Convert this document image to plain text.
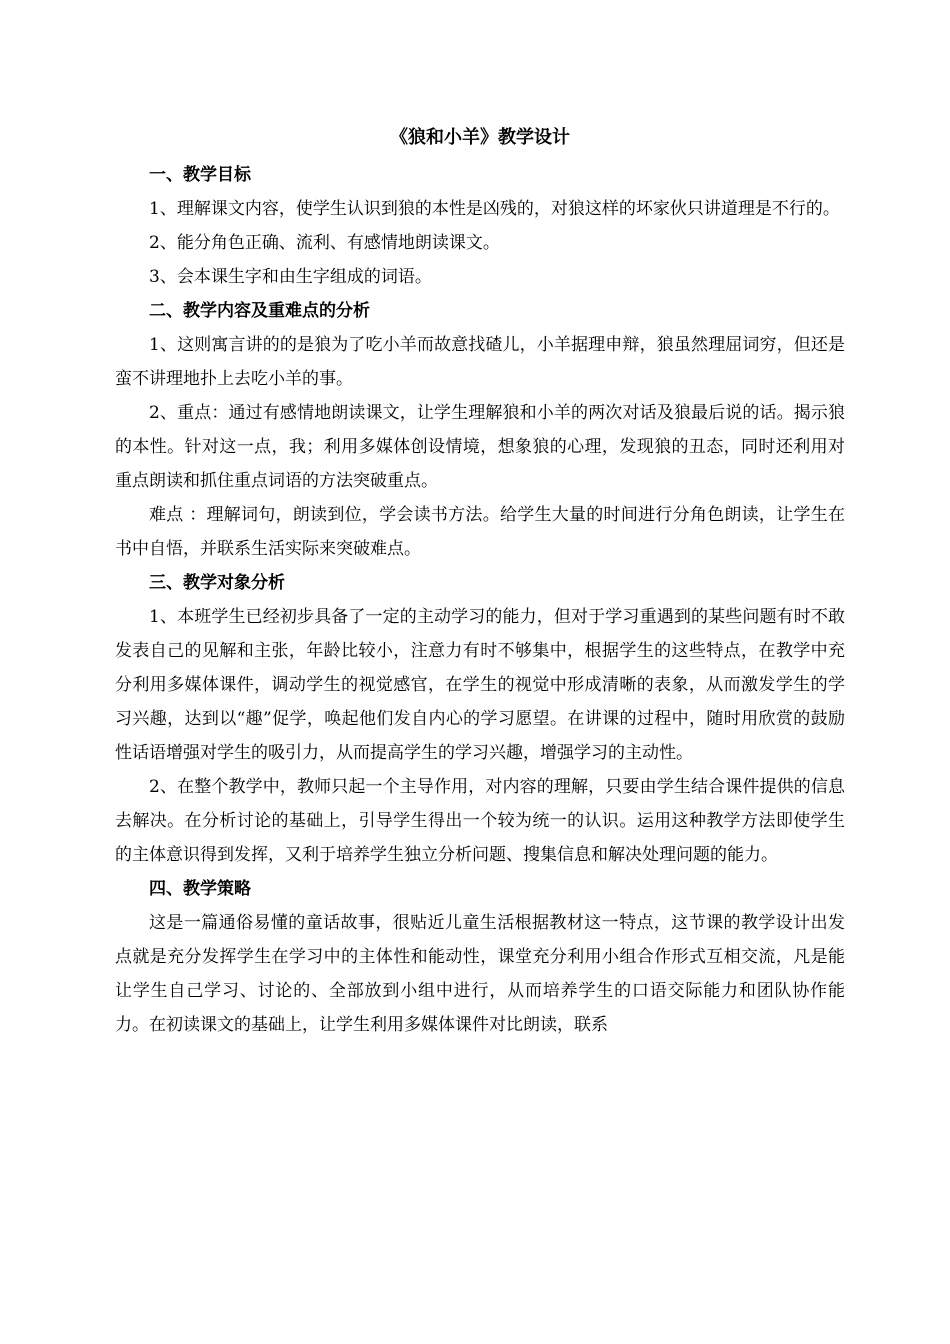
《狼和小羊》教学设计

一、教学目标

1、理解课文内容，使学生认识到狼的本性是凶残的，对狼这样的坏家伙只讲道理是不行的。

2、能分角色正确、流利、有感情地朗读课文。

3、会本课生字和由生字组成的词语。

二、教学内容及重难点的分析

1、这则寓言讲的的是狼为了吃小羊而故意找碴儿，小羊据理申辩，狼虽然理屈词穷，但还是蛮不讲理地扑上去吃小羊的事。

2、重点：通过有感情地朗读课文，让学生理解狼和小羊的两次对话及狼最后说的话。揭示狼的本性。针对这一点，我；利用多媒体创设情境，想象狼的心理，发现狼的丑态，同时还利用对重点朗读和抓住重点词语的方法突破重点。

难点 ：理解词句，朗读到位，学会读书方法。给学生大量的时间进行分角色朗读，让学生在书中自悟，并联系生活实际来突破难点。

三、教学对象分析

1、本班学生已经初步具备了一定的主动学习的能力，但对于学习重遇到的某些问题有时不敢发表自己的见解和主张，年龄比较小，注意力有时不够集中，根据学生的这些特点，在教学中充分利用多媒体课件，调动学生的视觉感官，在学生的视觉中形成清晰的表象，从而激发学生的学习兴趣，达到以“趣”促学，唤起他们发自内心的学习愿望。在讲课的过程中，随时用欣赏的鼓励性话语增强对学生的吸引力，从而提高学生的学习兴趣，增强学习的主动性。

2、在整个教学中，教师只起一个主导作用，对内容的理解，只要由学生结合课件提供的信息去解决。在分析讨论的基础上，引导学生得出一个较为统一的认识。运用这种教学方法即使学生的主体意识得到发挥，又利于培养学生独立分析问题、搜集信息和解决处理问题的能力。

四、教学策略

这是一篇通俗易懂的童话故事，很贴近儿童生活根据教材这一特点，这节课的教学设计出发点就是充分发挥学生在学习中的主体性和能动性，课堂充分利用小组合作形式互相交流，凡是能让学生自己学习、讨论的、全部放到小组中进行，从而培养学生的口语交际能力和团队协作能力。在初读课文的基础上，让学生利用多媒体课件对比朗读，联系
